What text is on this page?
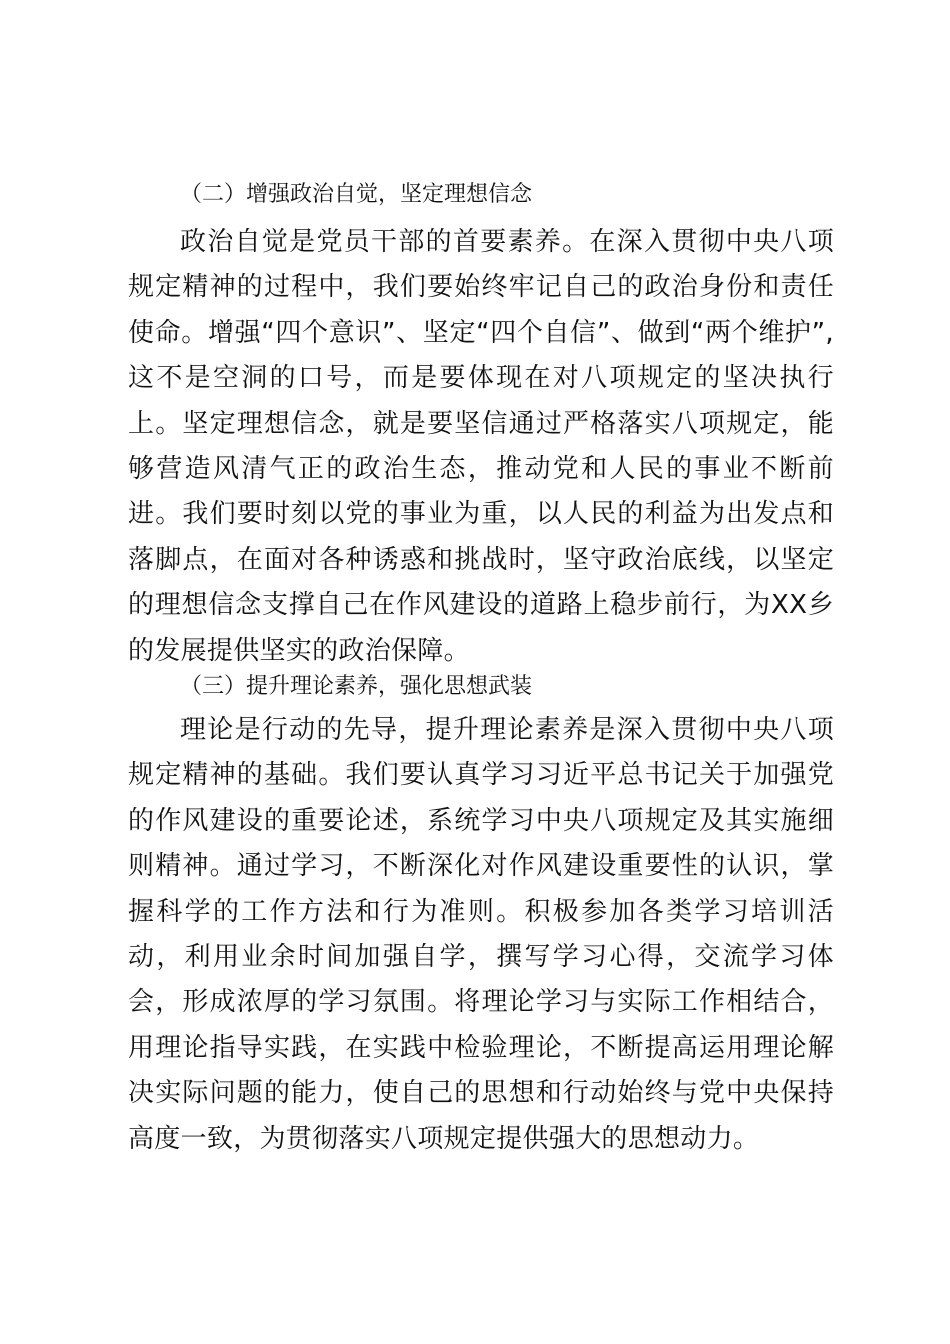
（二）增强政治自觉，坚定理想信念

政治自觉是党员干部的首要素养。在深入贯彻中央八项规定精神的过程中，我们要始终牢记自己的政治身份和责任使命。增强“四个意识”、坚定“四个自信”、做到“两个维护”,这不是空洞的口号，而是要体现在对八项规定的坚决执行上。坚定理想信念，就是要坚信通过严格落实八项规定，能够营造风清气正的政治生态，推动党和人民的事业不断前进。我们要时刻以党的事业为重，以人民的利益为出发点和落脚点，在面对各种诱惑和挑战时，坚守政治底线，以坚定的理想信念支撑自己在作风建设的道路上稳步前行，为XX乡的发展提供坚实的政治保障。

（三）提升理论素养，强化思想武装

理论是行动的先导，提升理论素养是深入贯彻中央八项规定精神的基础。我们要认真学习习近平总书记关于加强党的作风建设的重要论述，系统学习中央八项规定及其实施细则精神。通过学习，不断深化对作风建设重要性的认识，掌握科学的工作方法和行为准则。积极参加各类学习培训活动，利用业余时间加强自学，撰写学习心得，交流学习体会，形成浓厚的学习氛围。将理论学习与实际工作相结合，用理论指导实践，在实践中检验理论，不断提高运用理论解决实际问题的能力，使自己的思想和行动始终与党中央保持高度一致，为贯彻落实八项规定提供强大的思想动力。
